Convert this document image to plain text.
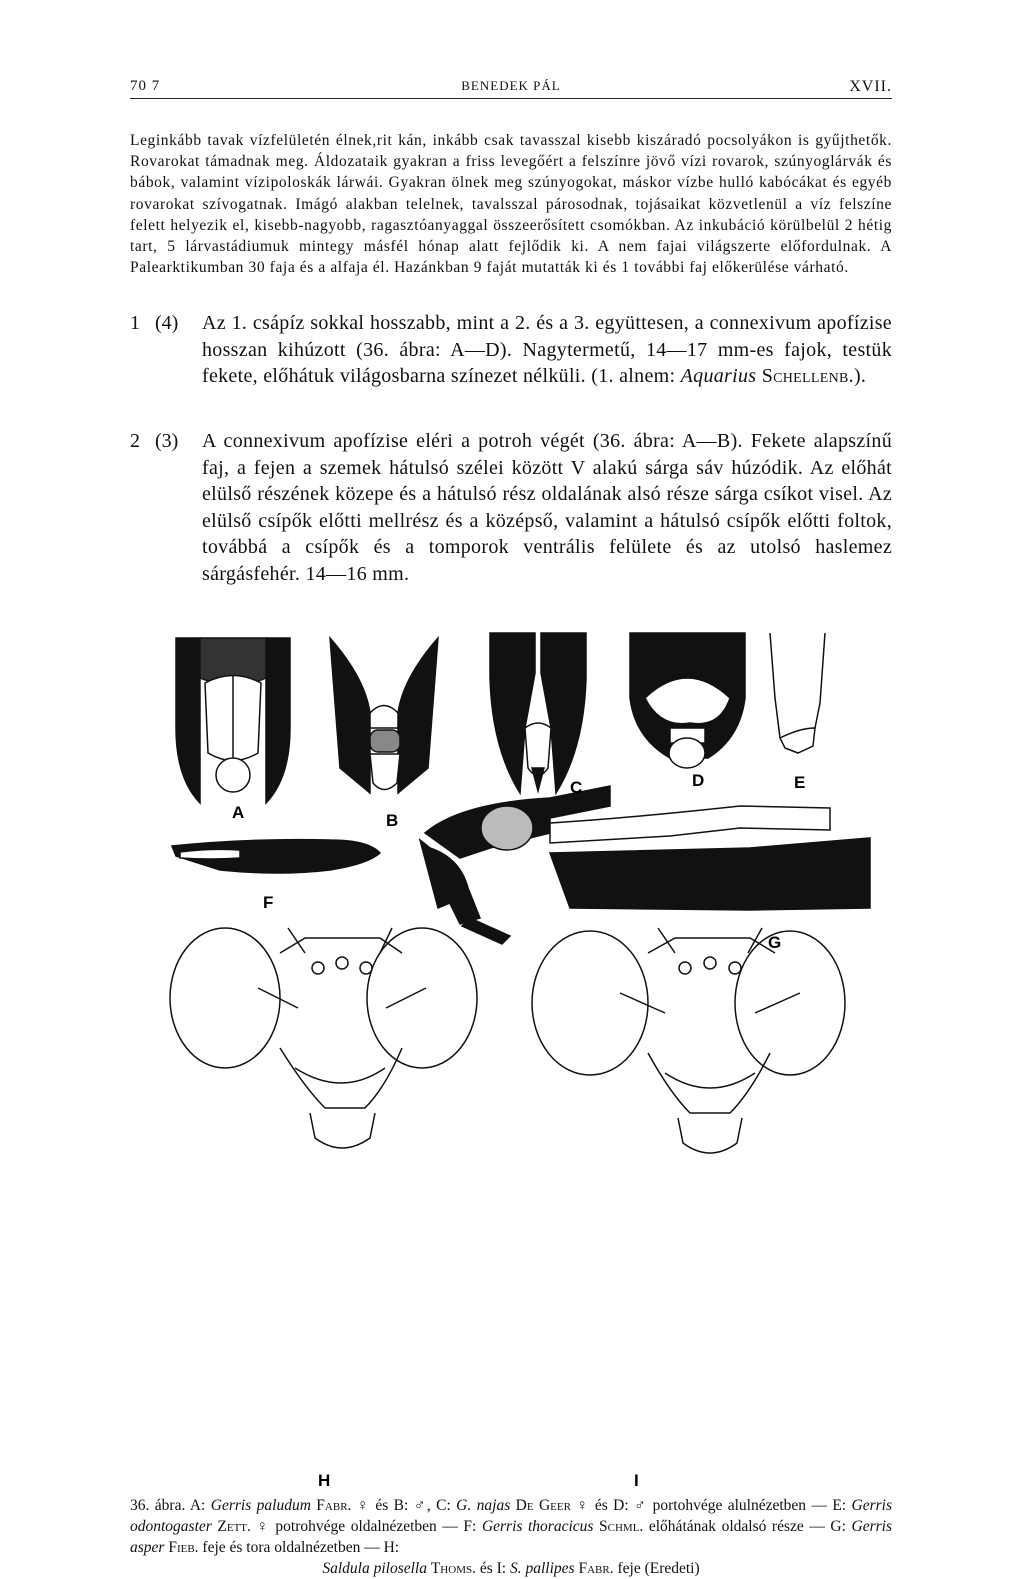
70 7	BENEDEK PÁL	XVII.

Leginkább tavak vízfelületén élnek,rit kán, inkább csak tavasszal kisebb kiszáradó pocsolyákon is gyűjthetők. Rovarokat támadnak meg. Áldozataik gyakran a friss levegőért a felszínre jövő vízi rovarok, szúnyoglárvák és bábok, valamint vízipoloskák lárwái. Gyakran ölnek meg szúnyogokat, máskor vízbe hulló kabócákat és egyéb rovarokat szívogatnak. Imágó alakban telelnek, tavalsszal párosodnak, tojásaikat közvetlenül a víz felszíne felett helyezik el, kisebb-nagyobb, ragasztóanyaggal összeerősített csomókban. Az inkubáció körülbelül 2 hétig tart, 5 lárvastádiumuk mintegy másfél hónap alatt fejlődik ki. A nem fajai világszerte előfordulnak. A Palearktikumban 30 faja és a alfaja él. Hazánkban 9 faját mutatták ki és 1 további faj előkerülése várható.

1 (4) Az 1. csápíz sokkal hosszabb, mint a 2. és a 3. együttesen, a connexivum apofízise hosszan kihúzott (36. ábra: A—D). Nagytermetű, 14—17 mm-es fajok, testük fekete, előhátuk világosbarna színezet nélküli. (1. alnem: Aquarius Schellenb.).
2 (3) A connexivum apofízise eléri a potroh végét (36. ábra: A—B). Fekete alapszínű faj, a fejen a szemek hátulsó szélei között V alakú sárga sáv húzódik. Az előhát elülső részének közepe és a hátulsó rész oldalának alsó része sárga csíkot visel. Az elülső csípők előtti mellrész és a középső, valamint a hátulsó csípők előtti foltok, továbbá a csípők és a tomporok ventrális felülete és az utolsó haslemez sárgásfehér. 14—16 mm.
A	B
C	D	E
F
G
H	I
36. ábra. A: Gerris paludum Fabr. ♀ és B: ♂, C: G. najas De Geer ♀ és D: ♂ portohvége alulnézetben — E: Gerris odontogaster Zett. ♀ potrohvége oldalnézetben — F: Gerris thoracicus Schml. előhátának oldalsó része — G: Gerris asper Fieb. feje és tora oldalnézetben — H:
Saldula pilosella Thoms. és I: S. pallipes Fabr. feje (Eredeti)
